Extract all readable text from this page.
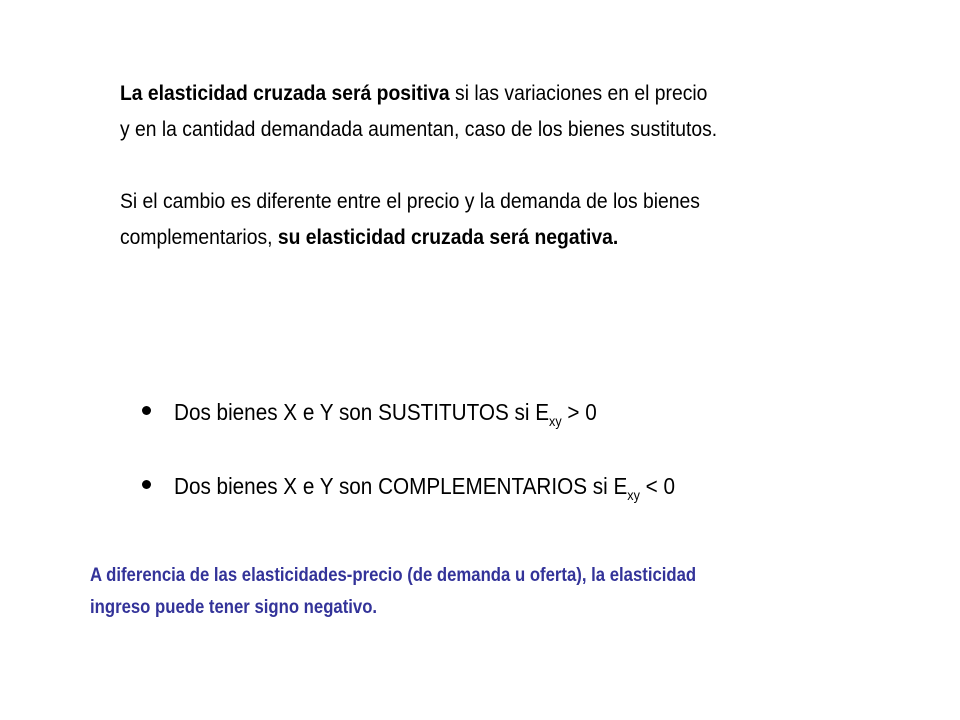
La elasticidad cruzada será positiva si las variaciones en el precio
y en la cantidad demandada aumentan, caso de los bienes sustitutos.
Si el cambio es diferente entre el precio y la demanda de los bienes
complementarios, su elasticidad cruzada será negativa.
Dos bienes X e Y son SUSTITUTOS si $E_{xy} > 0$
Dos bienes X e Y son COMPLEMENTARIOS si $E_{xy} < 0$
A diferencia de las elasticidades-precio (de demanda u oferta), la elasticidad
ingreso puede tener signo negativo.
